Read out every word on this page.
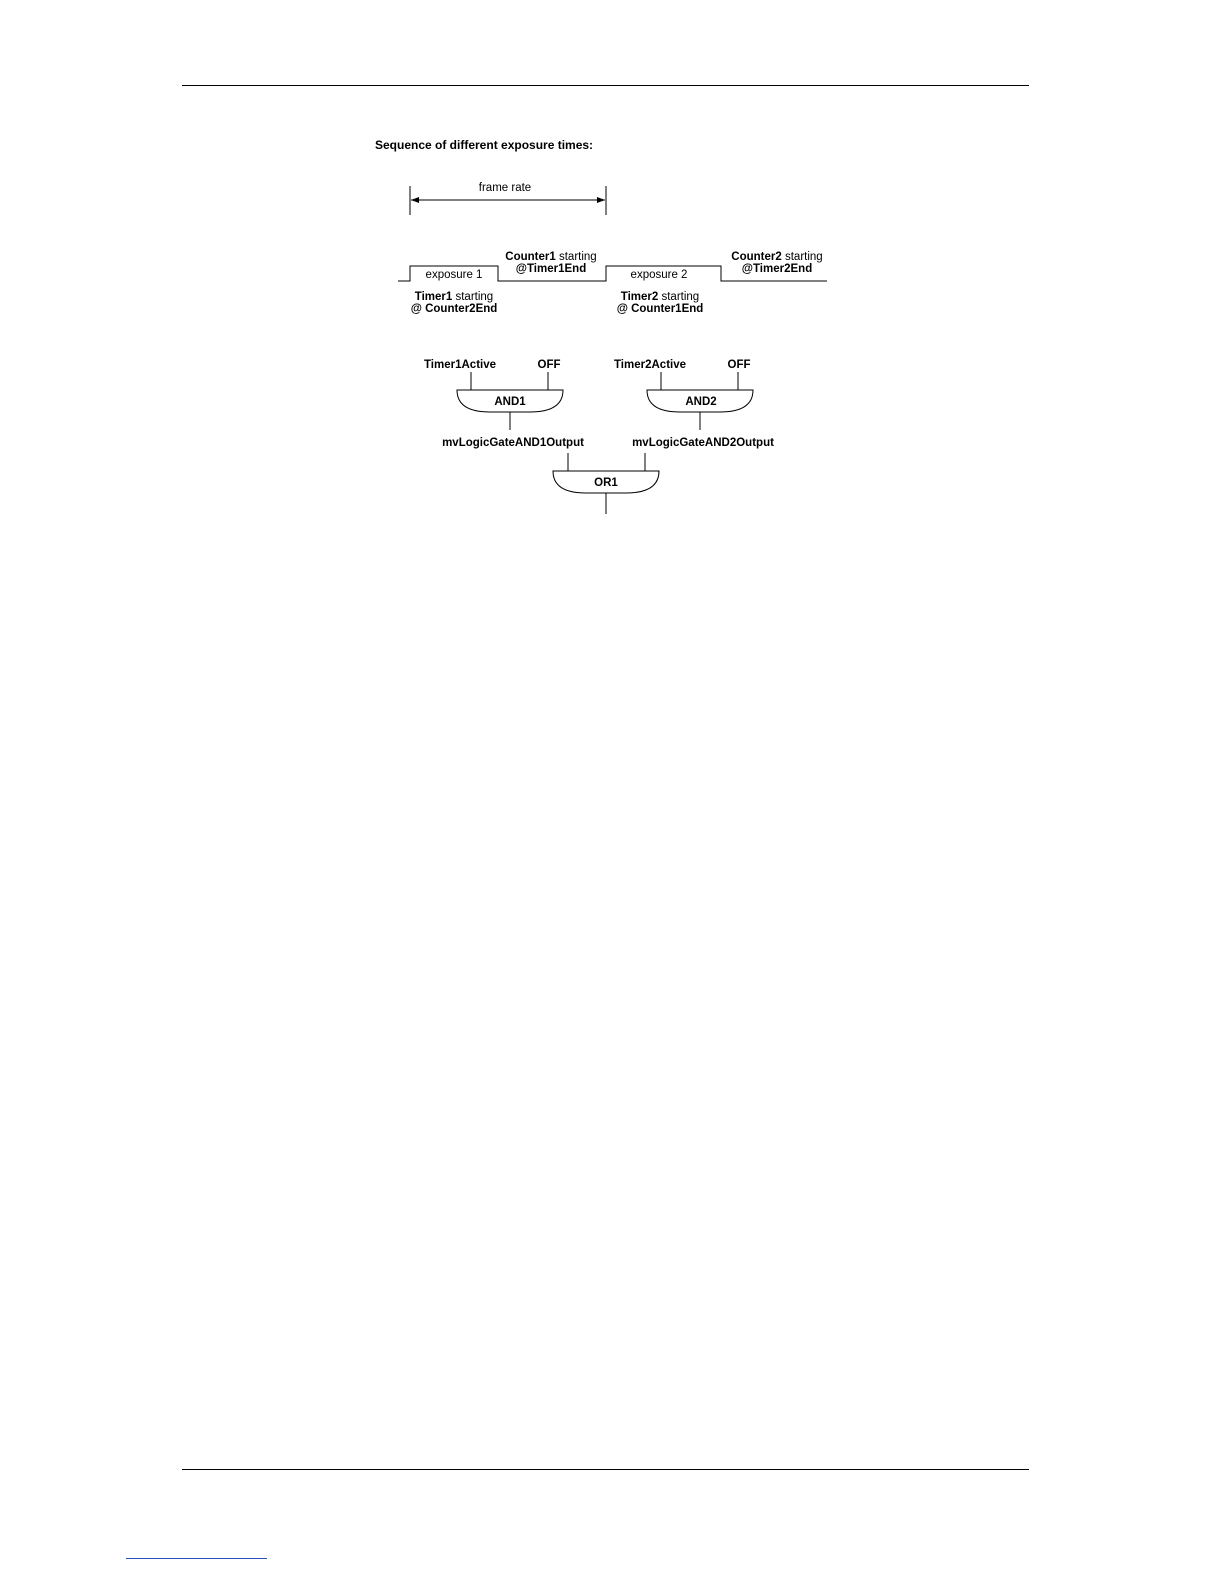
Sequence of different exposure times:

frame rate
exposure 1	exposure 2
Counter1 starting
@Timer1End
Counter2 starting
@Timer2End
Timer1 starting
@ Counter2End
Timer2 starting
@ Counter1End
Timer1Active	OFF
AND1
mvLogicGateAND1Output
Timer2Active	OFF
AND2
mvLogicGateAND2Output
OR1
